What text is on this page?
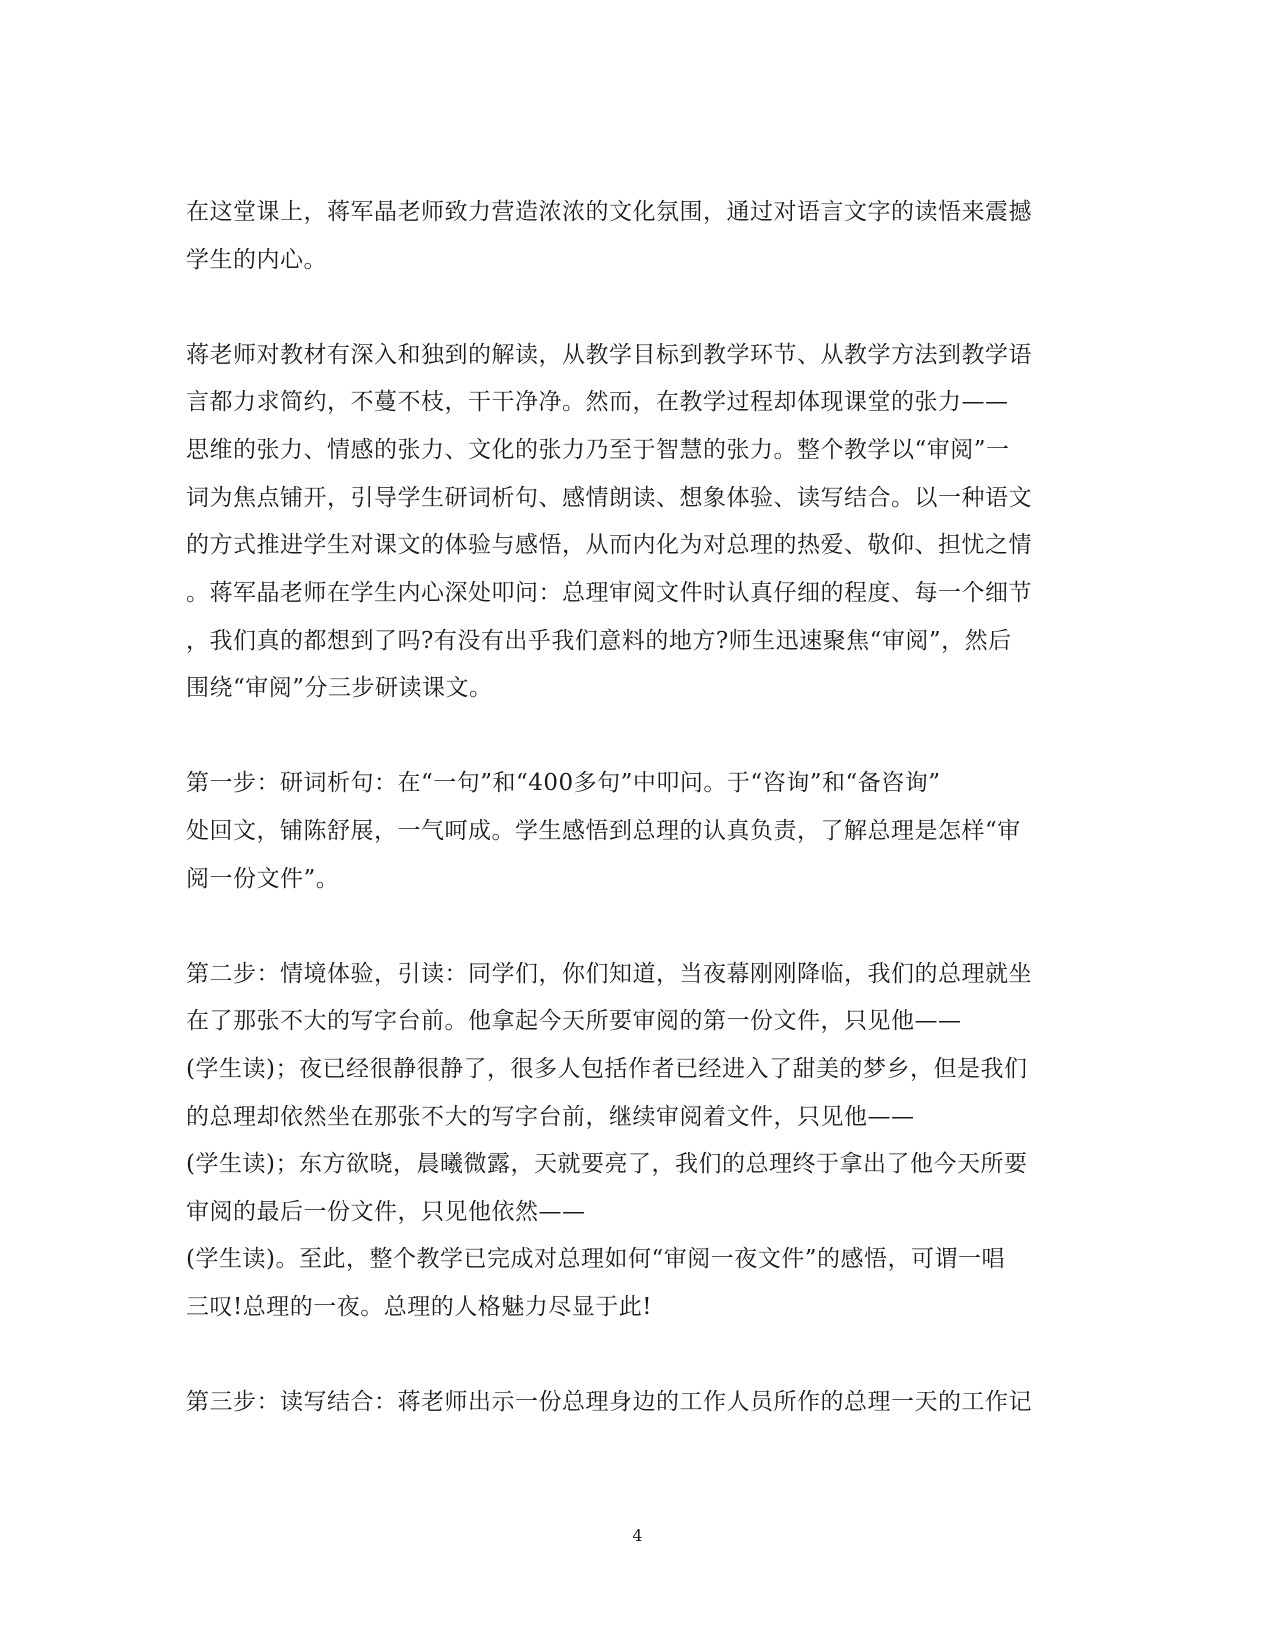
在这堂课上，蒋军晶老师致力营造浓浓的文化氛围，通过对语言文字的读悟来震撼
学生的内心。
蒋老师对教材有深入和独到的解读，从教学目标到教学环节、从教学方法到教学语
言都力求简约，不蔓不枝，干干净净。然而，在教学过程却体现课堂的张力——
思维的张力、情感的张力、文化的张力乃至于智慧的张力。整个教学以“审阅”一
词为焦点铺开，引导学生研词析句、感情朗读、想象体验、读写结合。以一种语文
的方式推进学生对课文的体验与感悟，从而内化为对总理的热爱、敬仰、担忧之情
。蒋军晶老师在学生内心深处叩问：总理审阅文件时认真仔细的程度、每一个细节
，我们真的都想到了吗?有没有出乎我们意料的地方?师生迅速聚焦“审阅”，然后
围绕“审阅”分三步研读课文。
第一步：研词析句：在“一句”和“400多句”中叩问。于“咨询”和“备咨询”
处回文，铺陈舒展，一气呵成。学生感悟到总理的认真负责，了解总理是怎样“审
阅一份文件”。
第二步：情境体验，引读：同学们，你们知道，当夜幕刚刚降临，我们的总理就坐
在了那张不大的写字台前。他拿起今天所要审阅的第一份文件，只见他——
(学生读)；夜已经很静很静了，很多人包括作者已经进入了甜美的梦乡，但是我们
的总理却依然坐在那张不大的写字台前，继续审阅着文件，只见他——
(学生读)；东方欲晓，晨曦微露，天就要亮了，我们的总理终于拿出了他今天所要
审阅的最后一份文件，只见他依然——
(学生读)。至此，整个教学已完成对总理如何“审阅一夜文件”的感悟，可谓一唱
三叹!总理的一夜。总理的人格魅力尽显于此!
第三步：读写结合：蒋老师出示一份总理身边的工作人员所作的总理一天的工作记
4
